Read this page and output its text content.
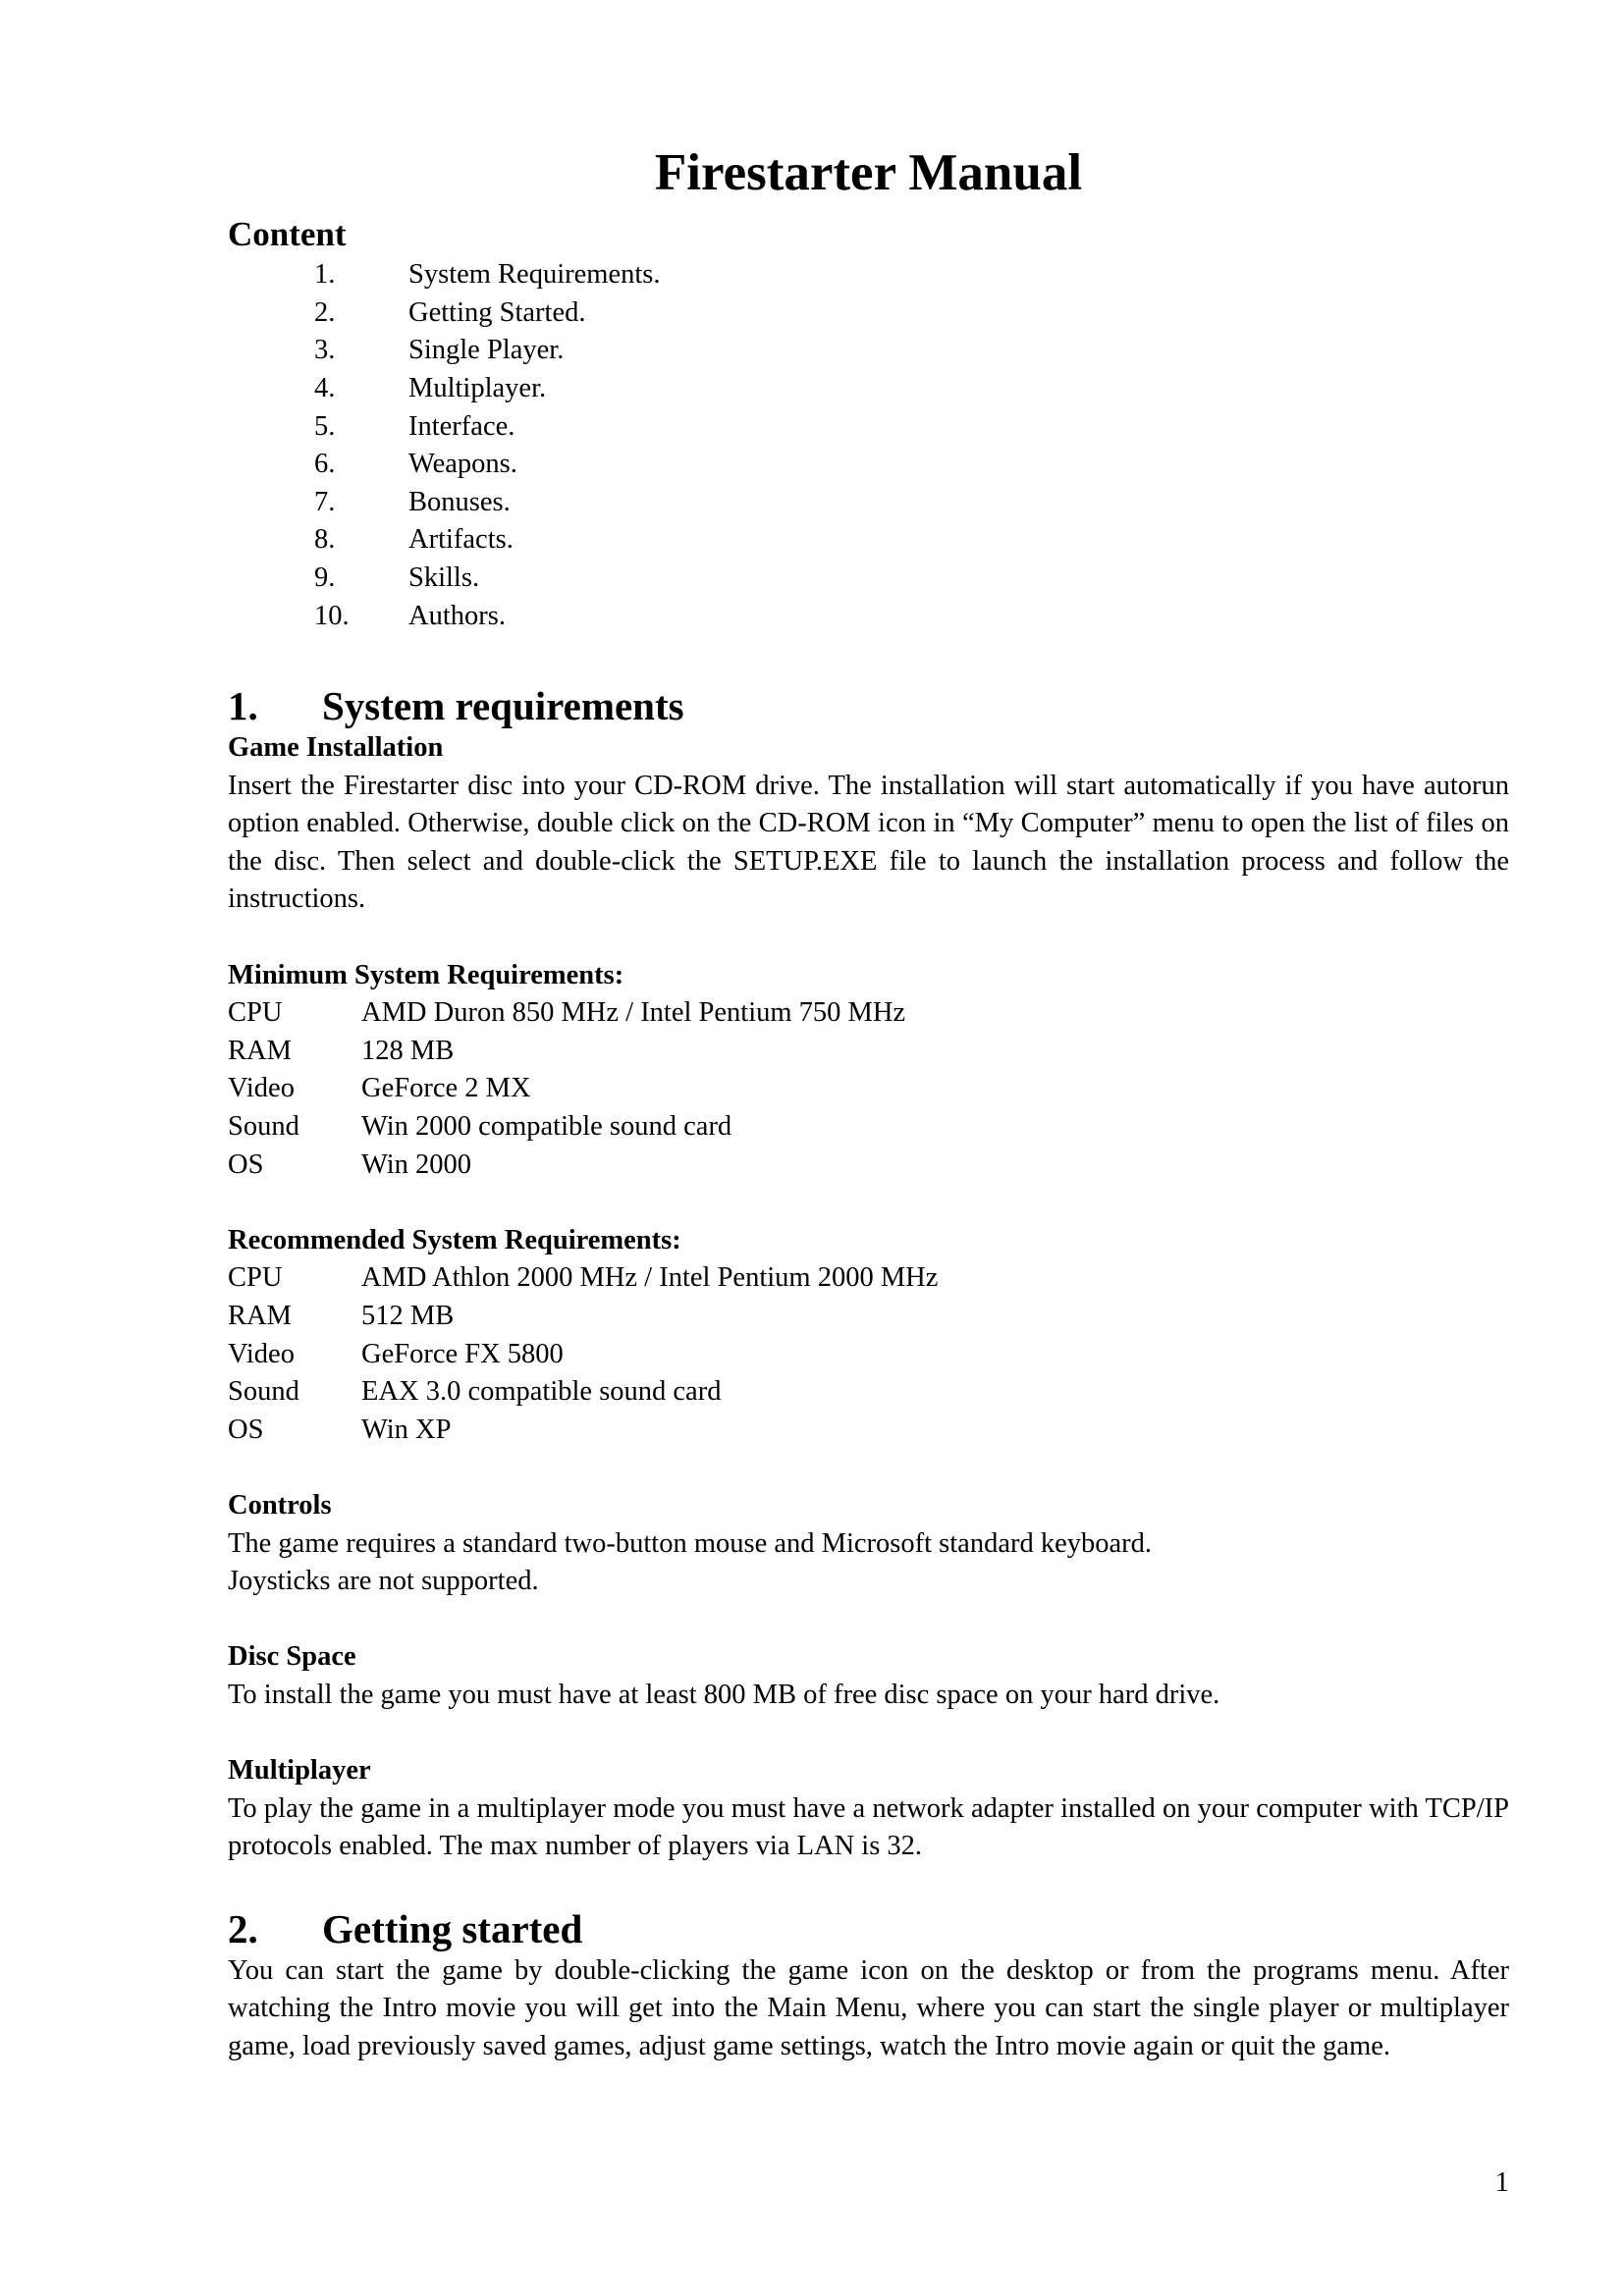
Firestarter Manual
Content
1.	System Requirements.
2.	Getting Started.
3.	Single Player.
4.	Multiplayer.
5.	Interface.
6.	Weapons.
7.	Bonuses.
8.	Artifacts.
9.	Skills.
10.	Authors.
1.	System requirements
Game Installation

Insert the Firestarter disc into your CD-ROM drive. The installation will start automatically if you have autorun option enabled. Otherwise, double click on the CD-ROM icon in “My Computer” menu to open the list of files on the disc. Then select and double-click the SETUP.EXE file to launch the installation process and follow the instructions.

Minimum System Requirements:
CPU	AMD Duron 850 MHz / Intel Pentium 750 MHz
RAM	128 MB
Video	GeForce 2 MX
Sound	Win 2000 compatible sound card
OS	Win 2000
Recommended System Requirements:
CPU	AMD Athlon 2000 MHz / Intel Pentium 2000 MHz
RAM	512 MB
Video	GeForce FX 5800
Sound	EAX 3.0 compatible sound card
OS	Win XP
Controls

The game requires a standard two-button mouse and Microsoft standard keyboard.

Joysticks are not supported.

Disc Space

To install the game you must have at least 800 MB of free disc space on your hard drive.

Multiplayer

To play the game in a multiplayer mode you must have a network adapter installed on your computer with TCP/IP protocols enabled. The max number of players via LAN is 32.

2.	Getting started

You can start the game by double-clicking the game icon on the desktop or from the programs menu. After watching the Intro movie you will get into the Main Menu, where you can start the single player or multiplayer game, load previously saved games, adjust game settings, watch the Intro movie again or quit the game.

1
